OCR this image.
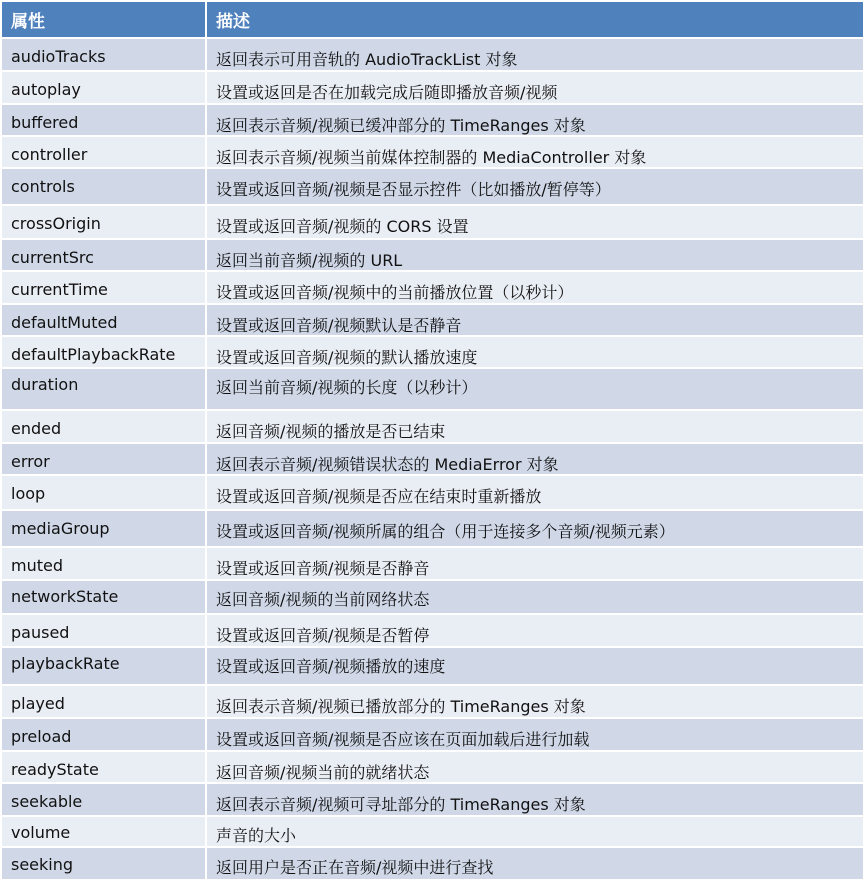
属性	描述
audioTracks	返回表示可用音轨的 AudioTrackList 对象
autoplay	设置或返回是否在加载完成后随即播放音频/视频
buffered	返回表示音频/视频已缓冲部分的 TimeRanges 对象
controller	返回表示音频/视频当前媒体控制器的 MediaController 对象
controls	设置或返回音频/视频是否显示控件（比如播放/暂停等）
crossOrigin	设置或返回音频/视频的 CORS 设置
currentSrc	返回当前音频/视频的 URL
currentTime	设置或返回音频/视频中的当前播放位置（以秒计）
defaultMuted	设置或返回音频/视频默认是否静音
defaultPlaybackRate	设置或返回音频/视频的默认播放速度
duration	返回当前音频/视频的长度（以秒计）
ended	返回音频/视频的播放是否已结束
error	返回表示音频/视频错误状态的 MediaError 对象
loop	设置或返回音频/视频是否应在结束时重新播放
mediaGroup	设置或返回音频/视频所属的组合（用于连接多个音频/视频元素）
muted	设置或返回音频/视频是否静音
networkState	返回音频/视频的当前网络状态
paused	设置或返回音频/视频是否暂停
playbackRate	设置或返回音频/视频播放的速度
played	返回表示音频/视频已播放部分的 TimeRanges 对象
preload	设置或返回音频/视频是否应该在页面加载后进行加载
readyState	返回音频/视频当前的就绪状态
seekable	返回表示音频/视频可寻址部分的 TimeRanges 对象
volume	声音的大小
seeking	返回用户是否正在音频/视频中进行查找
